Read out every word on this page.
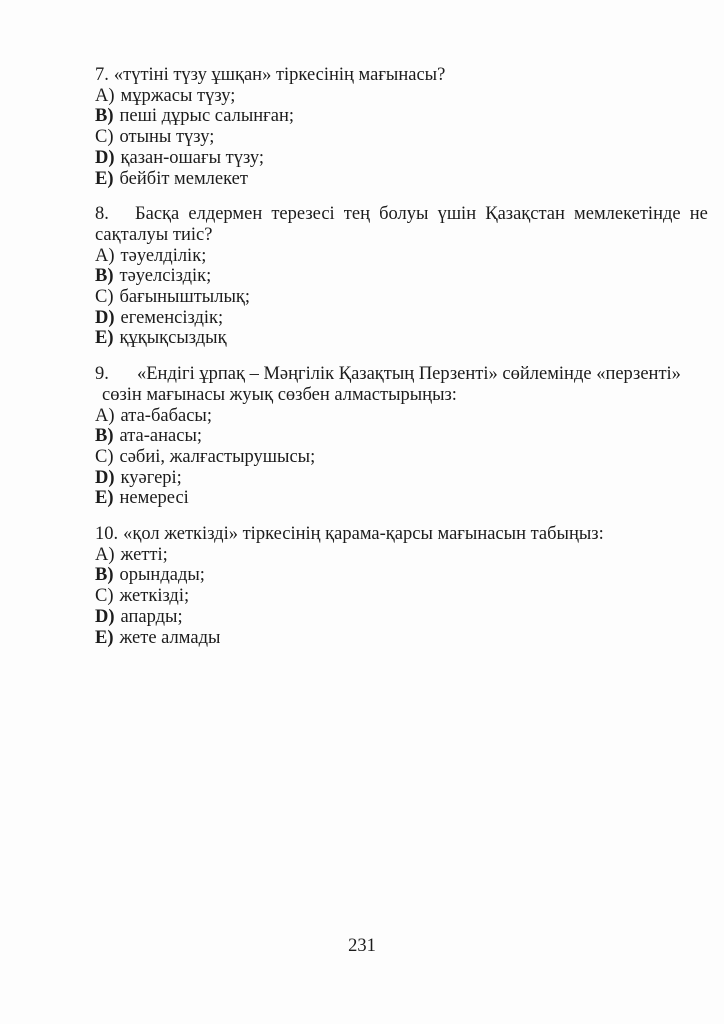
7. «түтіні түзу ұшқан» тіркесінің мағынасы?
A) мұржасы түзу;
B) пеші дұрыс салынған;
C) отыны түзу;
D) қазан-ошағы түзу;
E) бейбіт мемлекет
8. Басқа елдермен терезесі тең болуы үшін Қазақстан мемлекетінде не
сақталуы тиіс?
A) тәуелділік;
B) тәуелсіздік;
C) бағыныштылық;
D) егеменсіздік;
E) құқықсыздық
9. «Ендігі ұрпақ – Мәңгілік Қазақтың Перзенті» сөйлемінде «перзенті»
сөзін мағынасы жуық сөзбен алмастырыңыз:
A) ата-бабасы;
B) ата-анасы;
C) сәбиі, жалғастырушысы;
D) куәгері;
E) немересі
10. «қол жеткізді» тіркесінің қарама-қарсы мағынасын табыңыз:
A) жетті;
B) орындады;
C) жеткізді;
D) апарды;
E) жете алмады
231
